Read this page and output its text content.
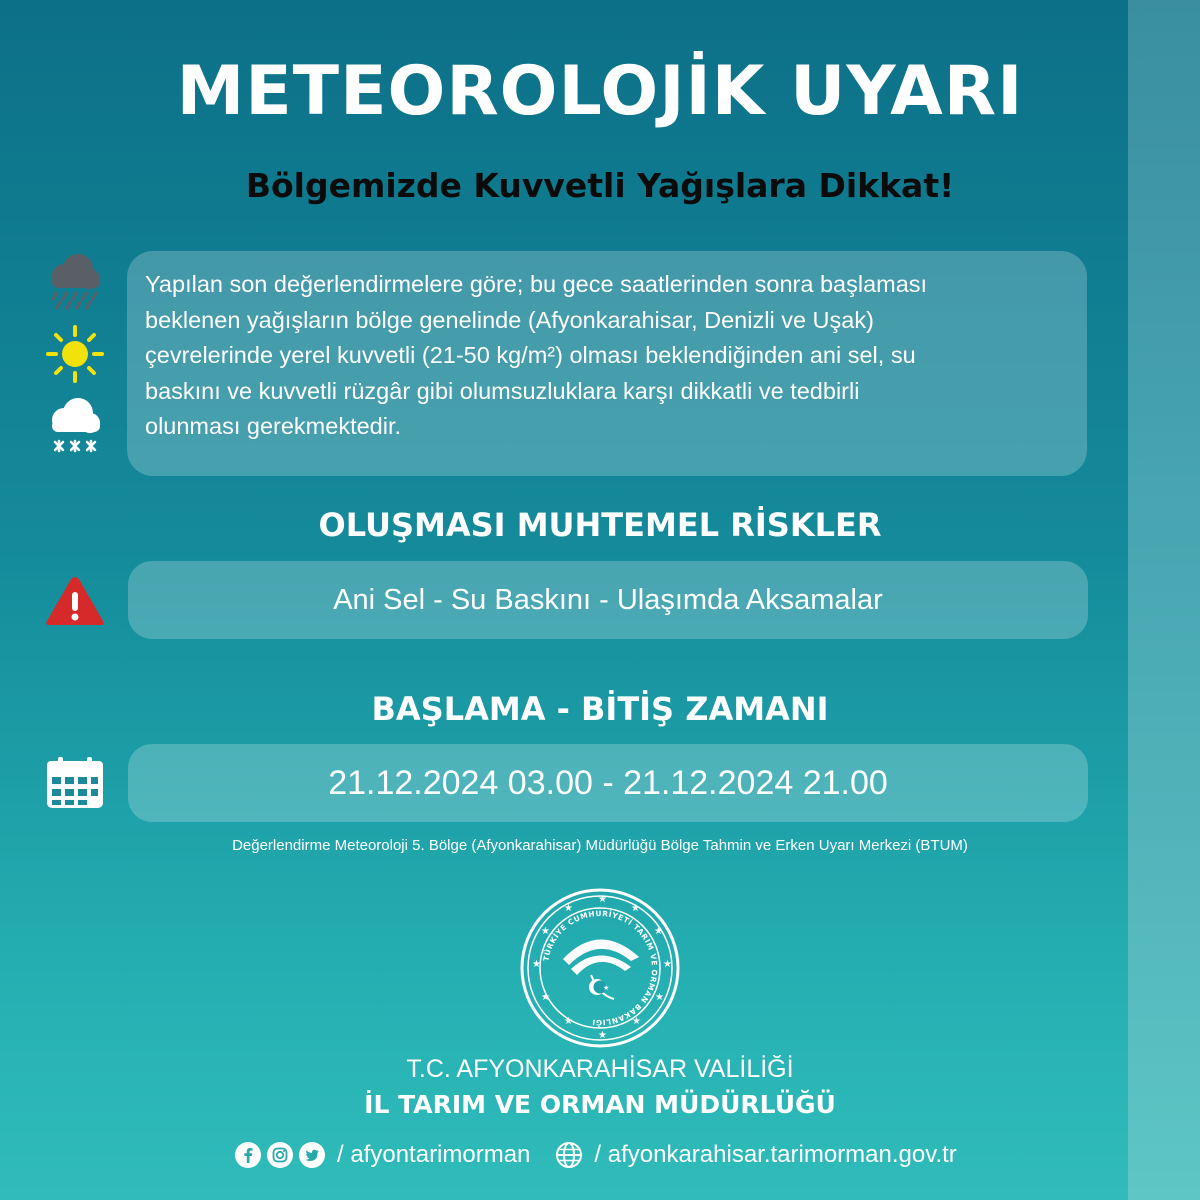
METEOROLOJİK UYARI
Bölgemizde Kuvvetli Yağışlara Dikkat!
Yapılan son değerlendirmelere göre; bu gece saatlerinden sonra başlaması
beklenen yağışların bölge genelinde (Afyonkarahisar, Denizli ve Uşak)
çevrelerinde yerel kuvvetli (21-50 kg/m²) olması beklendiğinden ani sel, su
baskını ve kuvvetli rüzgâr gibi olumsuzluklara karşı dikkatli ve tedbirli
olunması gerekmektedir.
OLUŞMASI MUHTEMEL RİSKLER
Ani Sel - Su Baskını - Ulaşımda Aksamalar
BAŞLAMA - BİTİŞ ZAMANI
21.12.2024 03.00 - 21.12.2024 21.00
Değerlendirme Meteoroloji 5. Bölge (Afyonkarahisar) Müdürlüğü Bölge Tahmin ve Erken Uyarı Merkezi (BTUM)
★
★
★
★
★
★
★
★
★
★
★
★
TÜRKİYE CUMHURİYETİ TARIM VE ORMAN BAKANLIĞI
★
T.C. AFYONKARAHİSAR VALİLİĞİ
İL TARIM VE ORMAN MÜDÜRLÜĞÜ
/ afyontarimorman	/ afyonkarahisar.tarimorman.gov.tr
